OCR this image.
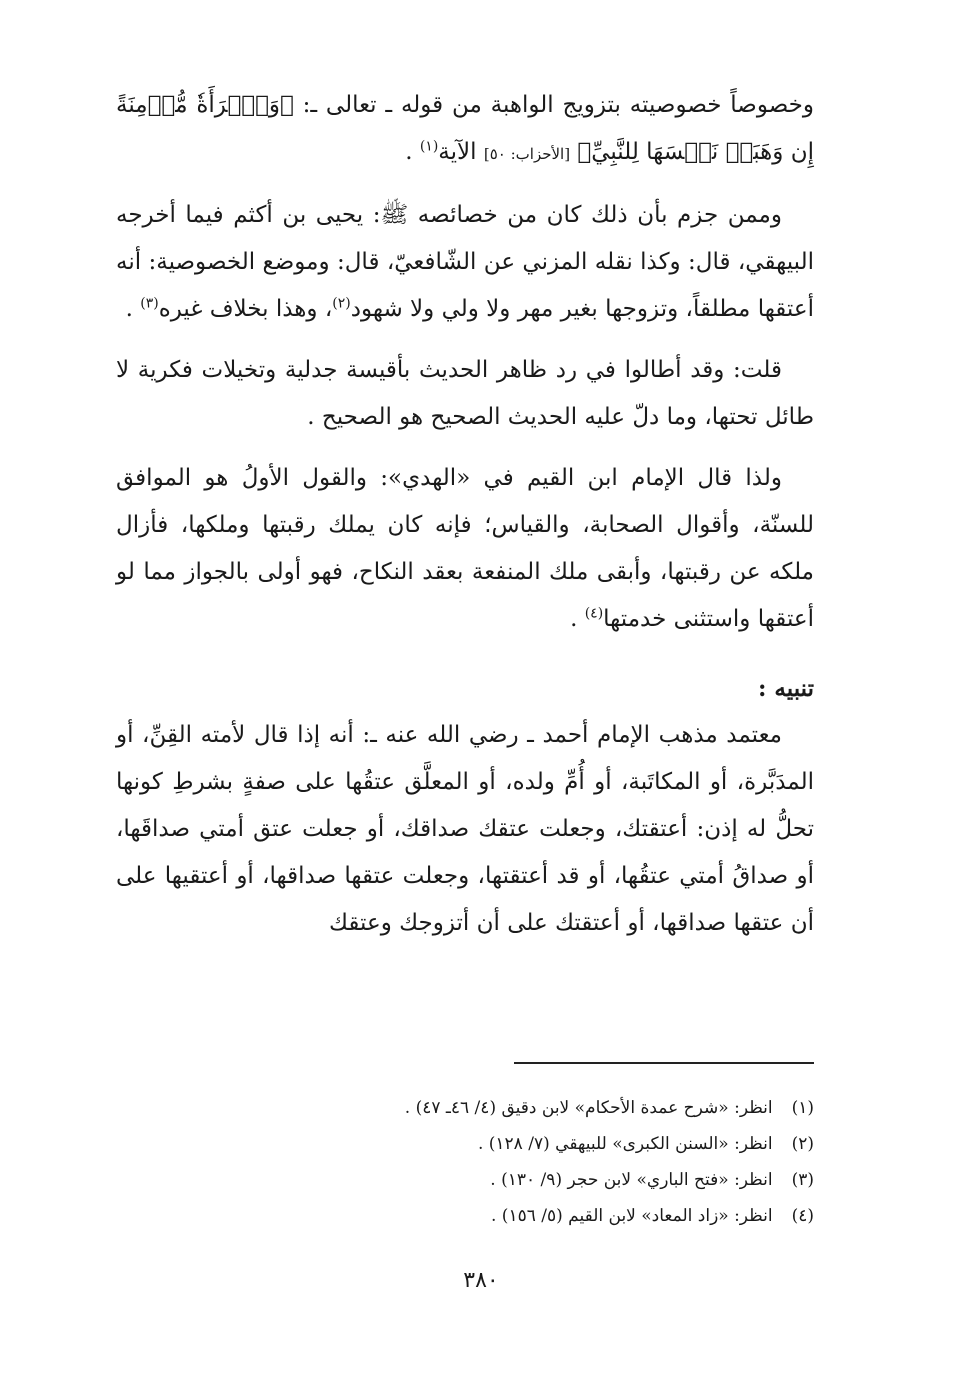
وخصوصاً خصوصيته بتزويج الواهبة من قوله ـ تعالى ـ: ﴿وَٱمۡرَأَةٗ مُّؤۡمِنَةً إِن وَهَبَتۡ نَفۡسَهَا لِلنَّبِيِّ﴾ [الأحزاب: ٥٠] الآية$^{(١)}$ .

وممن جزم بأن ذلك كان من خصائصه ﷺ: يحيى بن أكثم فيما أخرجه البيهقي، قال: وكذا نقله المزني عن الشّافعيّ، قال: وموضع الخصوصية: أنه أعتقها مطلقاً، وتزوجها بغير مهر ولا ولي ولا شهود$^{(٢)}$، وهذا بخلاف غيره$^{(٣)}$ .

قلت: وقد أطالوا في رد ظاهر الحديث بأقيسة جدلية وتخيلات فكرية لا طائل تحتها، وما دلّ عليه الحديث الصحيح هو الصحيح .

ولذا قال الإمام ابن القيم في «الهدي»: والقول الأولُ هو الموافق للسنّة، وأقوال الصحابة، والقياس؛ فإنه كان يملك رقبتها وملكها، فأزال ملكه عن رقبتها، وأبقى ملك المنفعة بعقد النكاح، فهو أولى بالجواز مما لو أعتقها واستثنى خدمتها$^{(٤)}$ .

تنبيه :

معتمد مذهب الإمام أحمد ـ رضي الله عنه ـ: أنه إذا قال لأمته القِنِّ، أو المدَبَّرة، أو المكاتَبة، أو أُمِّ ولده، أو المعلَّق عتقُها على صفةٍ بشرطِ كونها تحلُّ له إذن: أعتقتك، وجعلت عتقك صداقك، أو جعلت عتق أمتي صداقَها، أو صداقُ أمتي عتقُها، أو قد أعتقتها، وجعلت عتقها صداقها، أو أعتقيها على أن عتقها صداقها، أو أعتقتك على أن أتزوجك وعتقك

(١) انظر: «شرح عمدة الأحكام» لابن دقيق (٤/ ٤٦ـ ٤٧) .
(٢) انظر: «السنن الكبرى» للبيهقي (٧/ ١٢٨) .
(٣) انظر: «فتح الباري» لابن حجر (٩/ ١٣٠) .
(٤) انظر: «زاد المعاد» لابن القيم (٥/ ١٥٦) .
٣٨٠
